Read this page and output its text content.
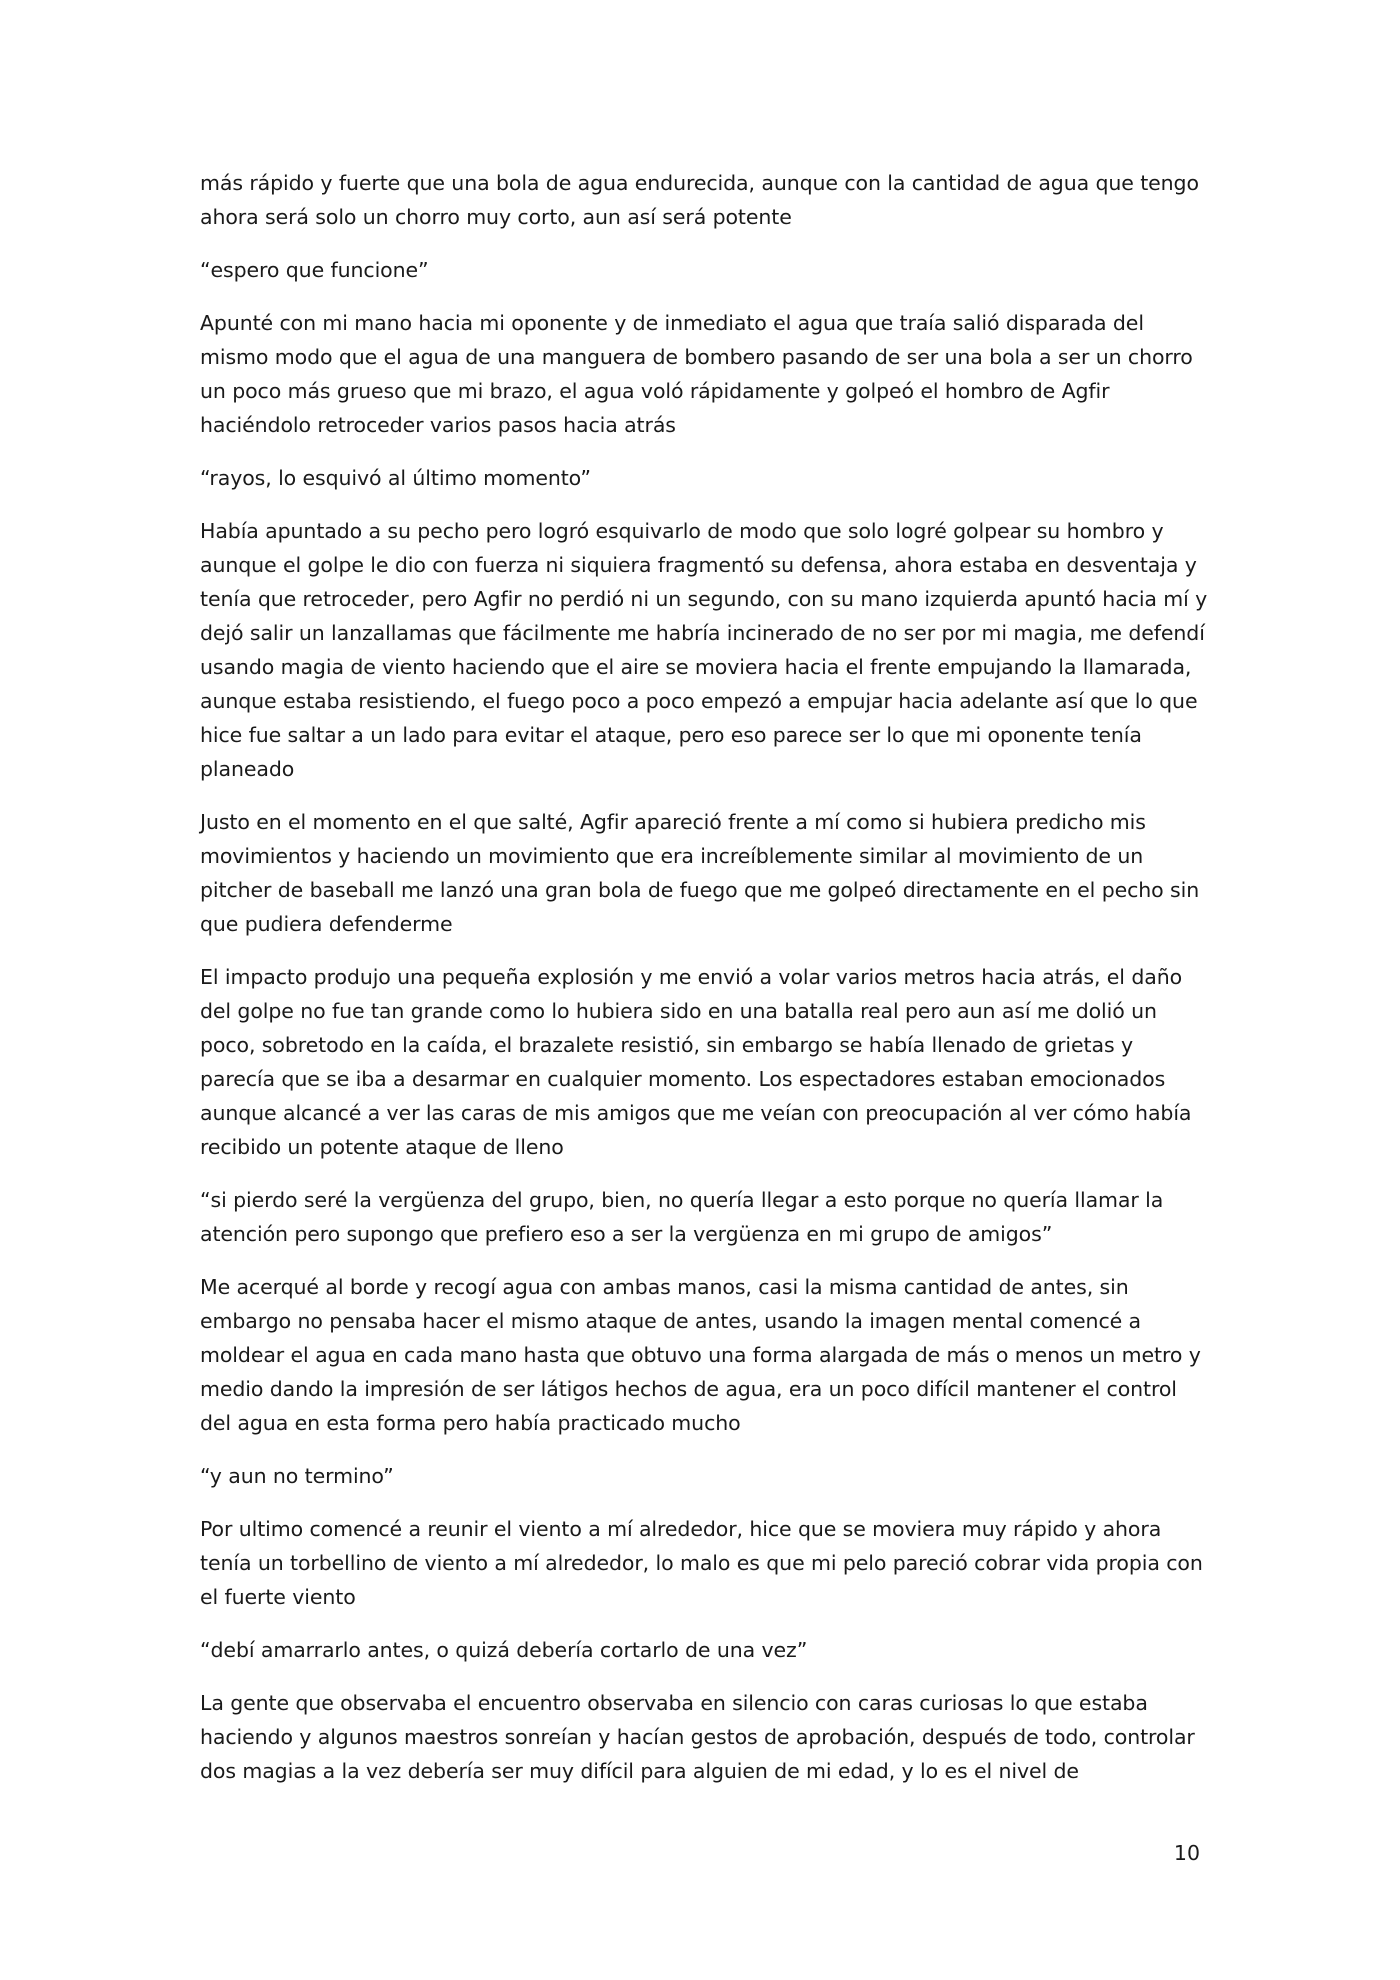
más rápido y fuerte que una bola de agua endurecida, aunque con la cantidad de agua que tengo ahora será solo un chorro muy corto, aun así será potente

“espero que funcione”

Apunté con mi mano hacia mi oponente y de inmediato el agua que traía salió disparada del mismo modo que el agua de una manguera de bombero pasando de ser una bola a ser un chorro un poco más grueso que mi brazo, el agua voló rápidamente y golpeó el hombro de Agfir haciéndolo retroceder varios pasos hacia atrás

“rayos, lo esquivó al último momento”

Había apuntado a su pecho pero logró esquivarlo de modo que solo logré golpear su hombro y aunque el golpe le dio con fuerza ni siquiera fragmentó su defensa, ahora estaba en desventaja y tenía que retroceder, pero Agfir no perdió ni un segundo, con su mano izquierda apuntó hacia mí y dejó salir un lanzallamas que fácilmente me habría incinerado de no ser por mi magia, me defendí usando magia de viento haciendo que el aire se moviera hacia el frente empujando la llamarada, aunque estaba resistiendo, el fuego poco a poco empezó a empujar hacia adelante así que lo que hice fue saltar a un lado para evitar el ataque, pero eso parece ser lo que mi oponente tenía planeado

Justo en el momento en el que salté, Agfir apareció frente a mí como si hubiera predicho mis movimientos y haciendo un movimiento que era increíblemente similar al movimiento de un pitcher de baseball me lanzó una gran bola de fuego que me golpeó directamente en el pecho sin que pudiera defenderme

El impacto produjo una pequeña explosión y me envió a volar varios metros hacia atrás, el daño del golpe no fue tan grande como lo hubiera sido en una batalla real pero aun así me dolió un poco, sobretodo en la caída, el brazalete resistió, sin embargo se había llenado de grietas y parecía que se iba a desarmar en cualquier momento. Los espectadores estaban emocionados aunque alcancé a ver las caras de mis amigos que me veían con preocupación al ver cómo había recibido un potente ataque de lleno

“si pierdo seré la vergüenza del grupo, bien, no quería llegar a esto porque no quería llamar la atención pero supongo que prefiero eso a ser la vergüenza en mi grupo de amigos”

Me acerqué al borde y recogí agua con ambas manos, casi la misma cantidad de antes, sin embargo no pensaba hacer el mismo ataque de antes, usando la imagen mental comencé a moldear el agua en cada mano hasta que obtuvo una forma alargada de más o menos un metro y medio dando la impresión de ser látigos hechos de agua, era un poco difícil mantener el control del agua en esta forma pero había practicado mucho

“y aun no termino”

Por ultimo comencé a reunir el viento a mí alrededor, hice que se moviera muy rápido y ahora tenía un torbellino de viento a mí alrededor, lo malo es que mi pelo pareció cobrar vida propia con el fuerte viento

“debí amarrarlo antes, o quizá debería cortarlo de una vez”

La gente que observaba el encuentro observaba en silencio con caras curiosas lo que estaba haciendo y algunos maestros sonreían y hacían gestos de aprobación, después de todo, controlar dos magias a la vez debería ser muy difícil para alguien de mi edad, y lo es el nivel de

10
